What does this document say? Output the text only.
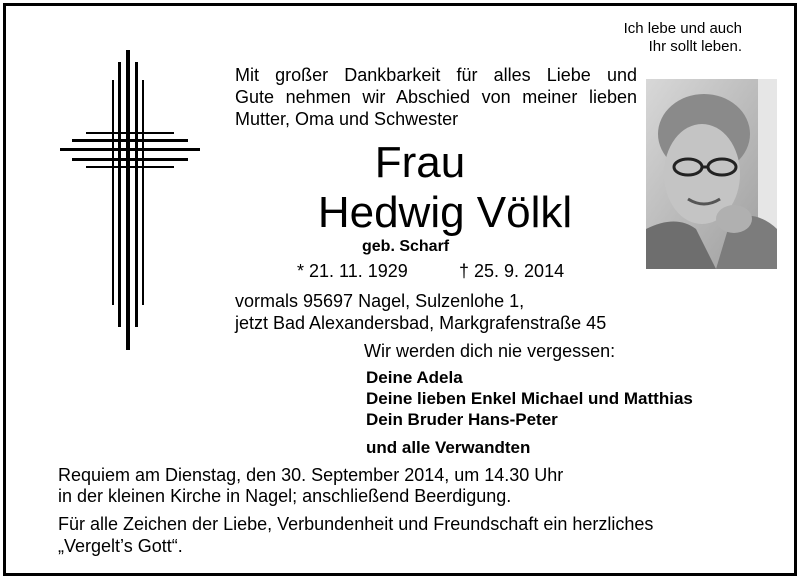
Ich lebe und auch
Ihr sollt leben.
Mit großer Dankbarkeit für alles Liebe und
Gute nehmen wir Abschied von meiner lieben
Mutter, Oma und Schwester
Frau
Hedwig Völkl
geb. Scharf
* 21. 11. 1929	† 25. 9. 2014
vormals 95697 Nagel, Sulzenlohe 1,
jetzt Bad Alexandersbad, Markgrafenstraße 45
Wir werden dich nie vergessen:
Deine Adela
Deine lieben Enkel Michael und Matthias
Dein Bruder Hans-Peter
und alle Verwandten
Requiem am Dienstag, den 30. September 2014, um 14.30 Uhr
in der kleinen Kirche in Nagel; anschließend Beerdigung.
Für alle Zeichen der Liebe, Verbundenheit und Freundschaft ein herzliches
„Vergelt’s Gott“.
